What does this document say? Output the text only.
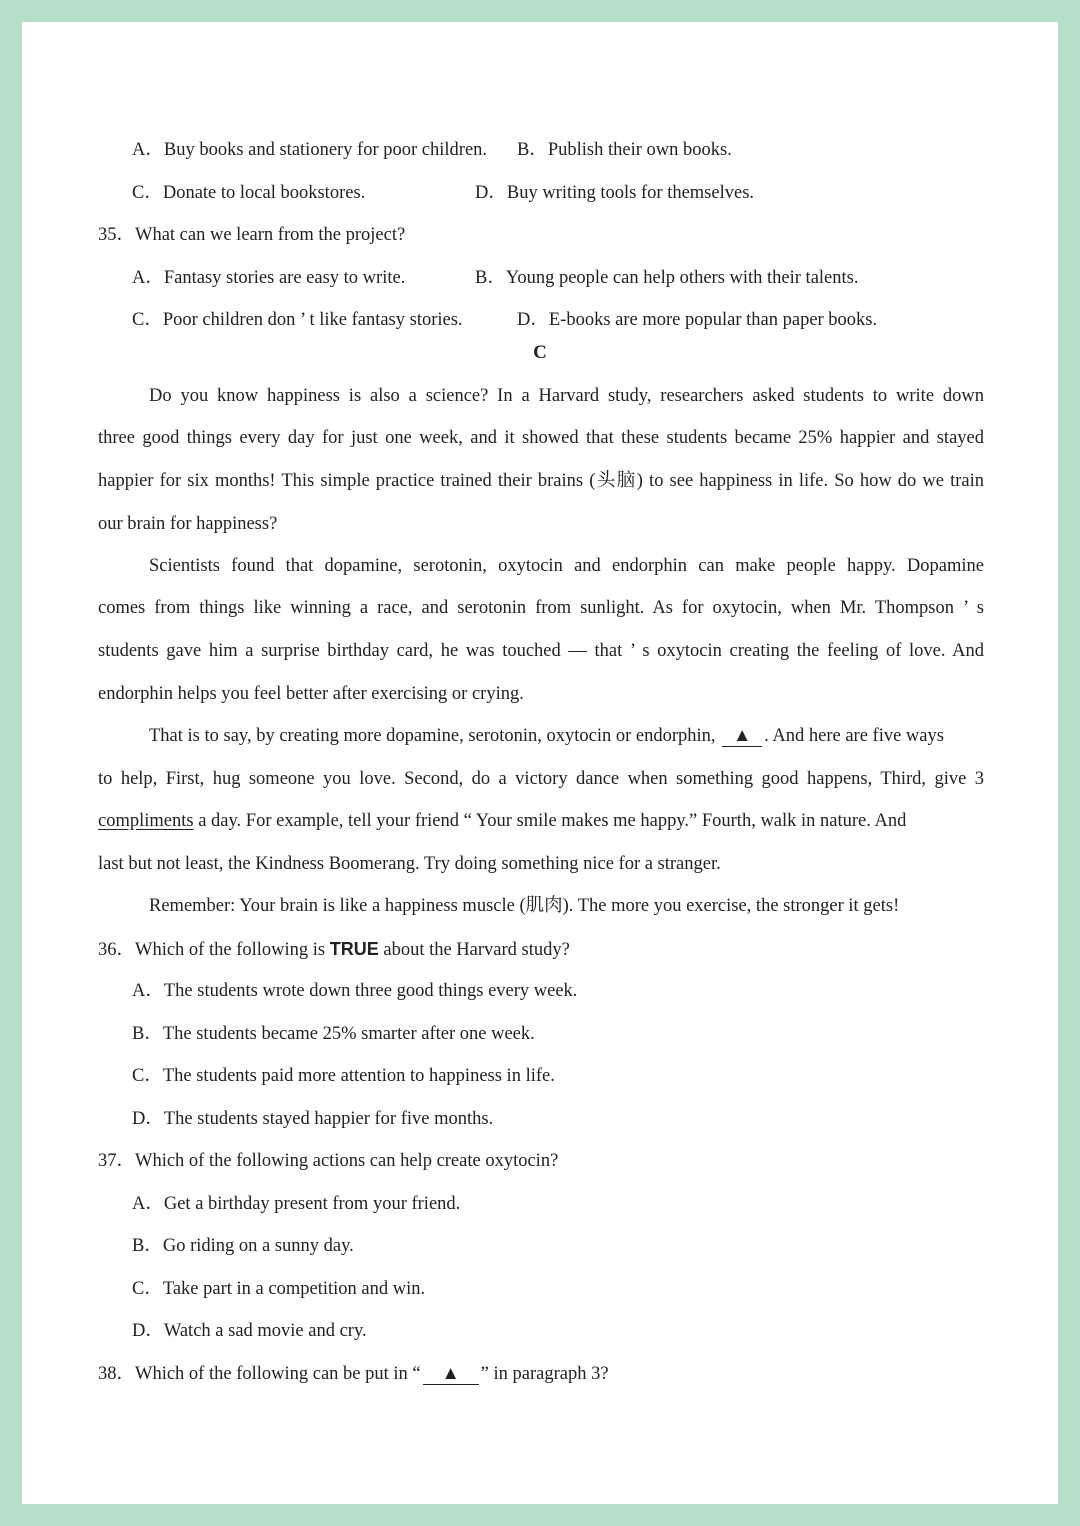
A．Buy books and stationery for poor children. B．Publish their own books.
C．Donate to local bookstores.	D．Buy writing tools for themselves.
35．What can we learn from the project?
A．Fantasy stories are easy to write.	B．Young people can help others with their talents.
C．Poor children don ’ t like fantasy stories.	D．E-books are more popular than paper books.
C
Do you know happiness is also a science? In a Harvard study, researchers asked students to write down
three good things every day for just one week, and it showed that these students became 25% happier and stayed
happier for six months! This simple practice trained their brains (头脑) to see happiness in life. So how do we train
our brain for happiness?
Scientists found that dopamine, serotonin, oxytocin and endorphin can make people happy. Dopamine
comes from things like winning a race, and serotonin from sunlight. As for oxytocin, when Mr. Thompson ’ s
students gave him a surprise birthday card, he was touched — that ’ s oxytocin creating the feeling of love. And
endorphin helps you feel better after exercising or crying.
That is to say, by creating more dopamine, serotonin, oxytocin or endorphin, ▲ . And here are five ways
to help, First, hug someone you love. Second, do a victory dance when something good happens, Third, give 3
compliments a day. For example, tell your friend “ Your smile makes me happy.” Fourth, walk in nature. And
last but not least, the Kindness Boomerang. Try doing something nice for a stranger.
Remember: Your brain is like a happiness muscle (肌肉). The more you exercise, the stronger it gets!
36．Which of the following is TRUE about the Harvard study?
A．The students wrote down three good things every week.
B．The students became 25% smarter after one week.
C．The students paid more attention to happiness in life.
D．The students stayed happier for five months.
37．Which of the following actions can help create oxytocin?
A．Get a birthday present from your friend.
B．Go riding on a sunny day.
C．Take part in a competition and win.
D．Watch a sad movie and cry.
38．Which of the following can be put in “ ▲ ” in paragraph 3?
